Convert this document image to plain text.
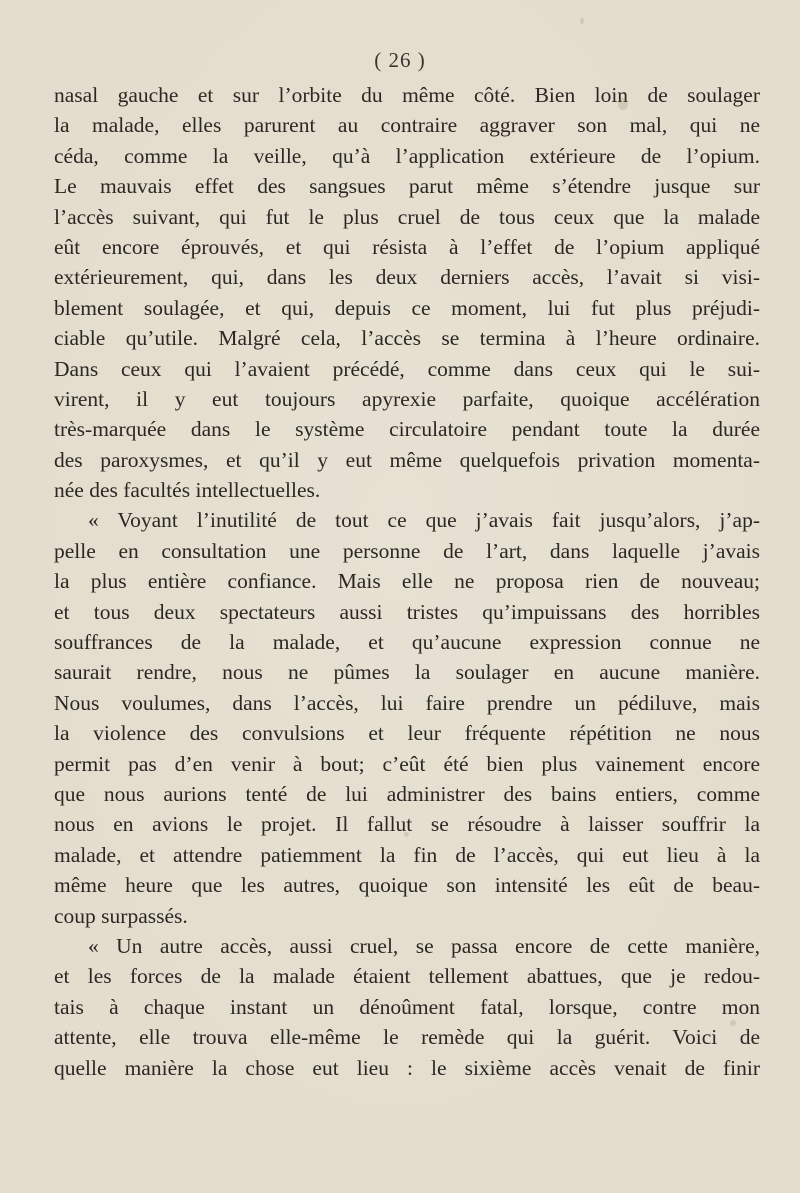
( 26 )
nasal gauche et sur l’orbite du même côté. Bien loin de soulager
la malade, elles parurent au contraire aggraver son mal, qui ne
céda, comme la veille, qu’à l’application extérieure de l’opium.
Le mauvais effet des sangsues parut même s’étendre jusque sur
l’accès suivant, qui fut le plus cruel de tous ceux que la malade
eût encore éprouvés, et qui résista à l’effet de l’opium appliqué
extérieurement, qui, dans les deux derniers accès, l’avait si visi-
blement soulagée, et qui, depuis ce moment, lui fut plus préjudi-
ciable qu’utile. Malgré cela, l’accès se termina à l’heure ordinaire.
Dans ceux qui l’avaient précédé, comme dans ceux qui le sui-
virent, il y eut toujours apyrexie parfaite, quoique accélération
très-marquée dans le système circulatoire pendant toute la durée
des paroxysmes, et qu’il y eut même quelquefois privation momenta-
née des facultés intellectuelles.
« Voyant l’inutilité de tout ce que j’avais fait jusqu’alors, j’ap-
pelle en consultation une personne de l’art, dans laquelle j’avais
la plus entière confiance. Mais elle ne proposa rien de nouveau;
et tous deux spectateurs aussi tristes qu’impuissans des horribles
souffrances de la malade, et qu’aucune expression connue ne
saurait rendre, nous ne pûmes la soulager en aucune manière.
Nous voulumes, dans l’accès, lui faire prendre un pédiluve, mais
la violence des convulsions et leur fréquente répétition ne nous
permit pas d’en venir à bout; c’eût été bien plus vainement encore
que nous aurions tenté de lui administrer des bains entiers, comme
nous en avions le projet. Il fallut se résoudre à laisser souffrir la
malade, et attendre patiemment la fin de l’accès, qui eut lieu à la
même heure que les autres, quoique son intensité les eût de beau-
coup surpassés.
« Un autre accès, aussi cruel, se passa encore de cette manière,
et les forces de la malade étaient tellement abattues, que je redou-
tais à chaque instant un dénoûment fatal, lorsque, contre mon
attente, elle trouva elle-même le remède qui la guérit. Voici de
quelle manière la chose eut lieu : le sixième accès venait de finir
